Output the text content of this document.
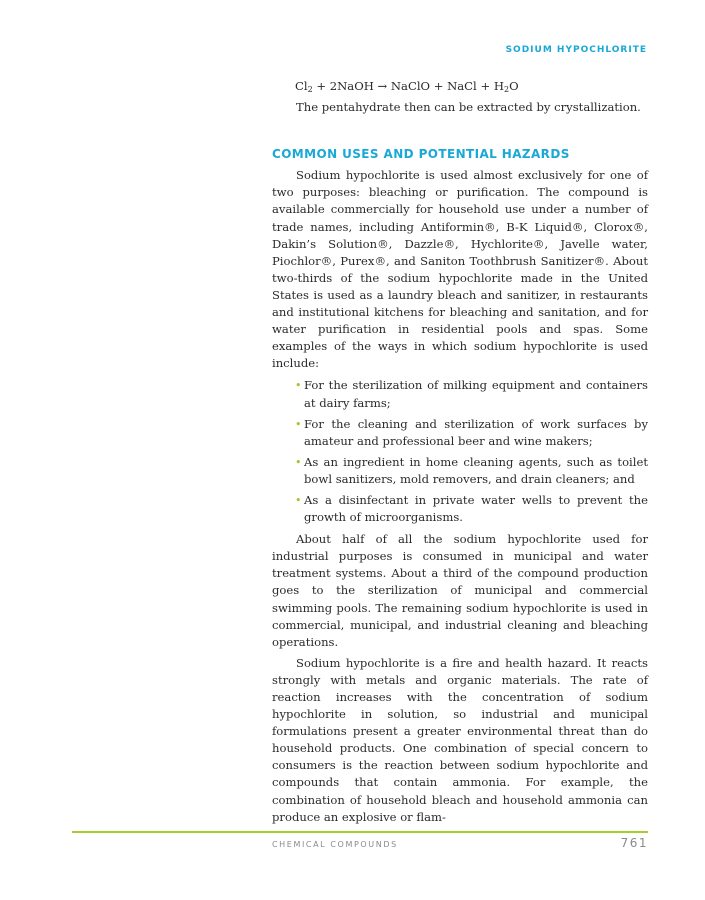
SODIUM HYPOCHLORITE
$Cl_2$ + 2NaOH → NaClO + NaCl + $H_2O$

The pentahydrate then can be extracted by crystallization.

COMMON USES AND POTENTIAL HAZARDS

Sodium hypochlorite is used almost exclusively for one of two purposes: bleaching or purification. The compound is available commercially for household use under a number of trade names, including Antiformin®, B-K Liquid®, Clorox®, Dakin’s Solution®, Dazzle®, Hychlorite®, Javelle water, Piochlor®, Purex®, and Saniton Toothbrush Sanitizer®. About two-thirds of the sodium hypochlorite made in the United States is used as a laundry bleach and sanitizer, in restaurants and institutional kitchens for bleaching and sanitation, and for water purification in residential pools and spas. Some examples of the ways in which sodium hypochlorite is used include:

• For the sterilization of milking equipment and containers at dairy farms;
• For the cleaning and sterilization of work surfaces by amateur and professional beer and wine makers;
• As an ingredient in home cleaning agents, such as toilet bowl sanitizers, mold removers, and drain cleaners; and
• As a disinfectant in private water wells to prevent the growth of microorganisms.

About half of all the sodium hypochlorite used for industrial purposes is consumed in municipal and water treatment systems. About a third of the compound production goes to the sterilization of municipal and commercial swimming pools. The remaining sodium hypochlorite is used in commercial, municipal, and industrial cleaning and bleaching operations.

Sodium hypochlorite is a fire and health hazard. It reacts strongly with metals and organic materials. The rate of reaction increases with the concentration of sodium hypochlorite in solution, so industrial and municipal formulations present a greater environmental threat than do household products. One combination of special concern to consumers is the reaction between sodium hypochlorite and compounds that contain ammonia. For example, the combination of household bleach and household ammonia can produce an explosive or flam-

CHEMICAL COMPOUNDS	761
